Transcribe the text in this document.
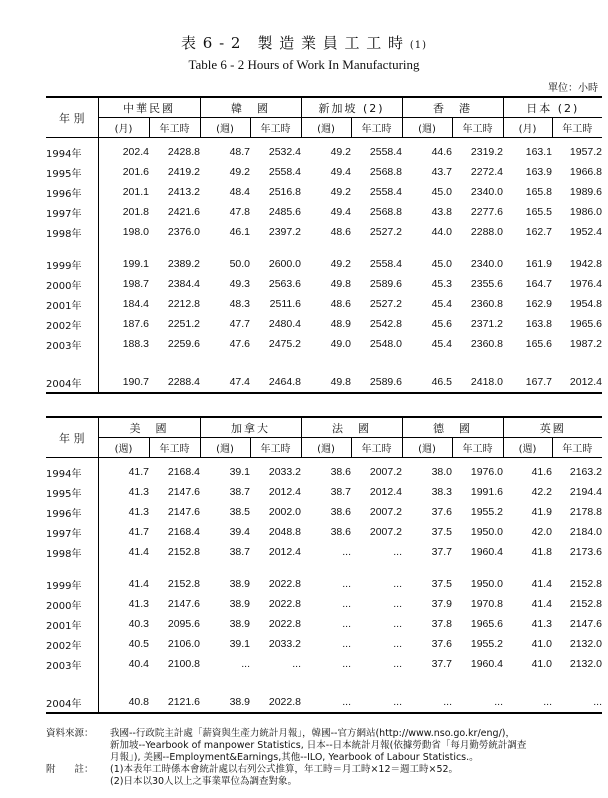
表 6 - 2　製 造 業 員 工 工 時 (1)
Table 6 - 2 Hours of Work In Manufacturing
單位：小時
年 別	中華民國		韓　國		新加坡 (2)		香　港		日本 (2)	
	(月)	年工時	(週)	年工時	(週)	年工時	(週)	年工時	(月)	年工時

1994年	202.4	2428.8	48.7	2532.4	49.2	2558.4	44.6	2319.2	163.1	1957.2
1995年	201.6	2419.2	49.2	2558.4	49.4	2568.8	43.7	2272.4	163.9	1966.8
1996年	201.1	2413.2	48.4	2516.8	49.2	2558.4	45.0	2340.0	165.8	1989.6
1997年	201.8	2421.6	47.8	2485.6	49.4	2568.8	43.8	2277.6	165.5	1986.0
1998年	198.0	2376.0	46.1	2397.2	48.6	2527.2	44.0	2288.0	162.7	1952.4

1999年	199.1	2389.2	50.0	2600.0	49.2	2558.4	45.0	2340.0	161.9	1942.8
2000年	198.7	2384.4	49.3	2563.6	49.8	2589.6	45.3	2355.6	164.7	1976.4
2001年	184.4	2212.8	48.3	2511.6	48.6	2527.2	45.4	2360.8	162.9	1954.8
2002年	187.6	2251.2	47.7	2480.4	48.9	2542.8	45.6	2371.2	163.8	1965.6
2003年	188.3	2259.6	47.6	2475.2	49.0	2548.0	45.4	2360.8	165.6	1987.2

2004年	190.7	2288.4	47.4	2464.8	49.8	2589.6	46.5	2418.0	167.7	2012.4
年 別	美　國		加拿大		法　國		德　國		英國	
	(週)	年工時	(週)	年工時	(週)	年工時	(週)	年工時	(週)	年工時

1994年	41.7	2168.4	39.1	2033.2	38.6	2007.2	38.0	1976.0	41.6	2163.2
1995年	41.3	2147.6	38.7	2012.4	38.7	2012.4	38.3	1991.6	42.2	2194.4
1996年	41.3	2147.6	38.5	2002.0	38.6	2007.2	37.6	1955.2	41.9	2178.8
1997年	41.7	2168.4	39.4	2048.8	38.6	2007.2	37.5	1950.0	42.0	2184.0
1998年	41.4	2152.8	38.7	2012.4	...	...	37.7	1960.4	41.8	2173.6

1999年	41.4	2152.8	38.9	2022.8	...	...	37.5	1950.0	41.4	2152.8
2000年	41.3	2147.6	38.9	2022.8	...	...	37.9	1970.8	41.4	2152.8
2001年	40.3	2095.6	38.9	2022.8	...	...	37.8	1965.6	41.3	2147.6
2002年	40.5	2106.0	39.1	2033.2	...	...	37.6	1955.2	41.0	2132.0
2003年	40.4	2100.8	...	...	...	...	37.7	1960.4	41.0	2132.0

2004年	40.8	2121.6	38.9	2022.8	...	...	...	...	...	...
資料來源： 我國--行政院主計處「薪資與生產力統計月報」，韓國--官方網站(http://www.nso.go.kr/eng/)，
新加坡--Yearbook of manpower Statistics, 日本--日本統計月報(依據勞動省「每月勤勞統計調查
月報」), 美國--Employment&Earnings,其他--ILO, Yearbook of Labour Statistics.。
附　　註： (1)本表年工時係本會統計處以右列公式推算，年工時＝月工時×12＝週工時×52。
(2)日本以30人以上之事業單位為調查對象。
